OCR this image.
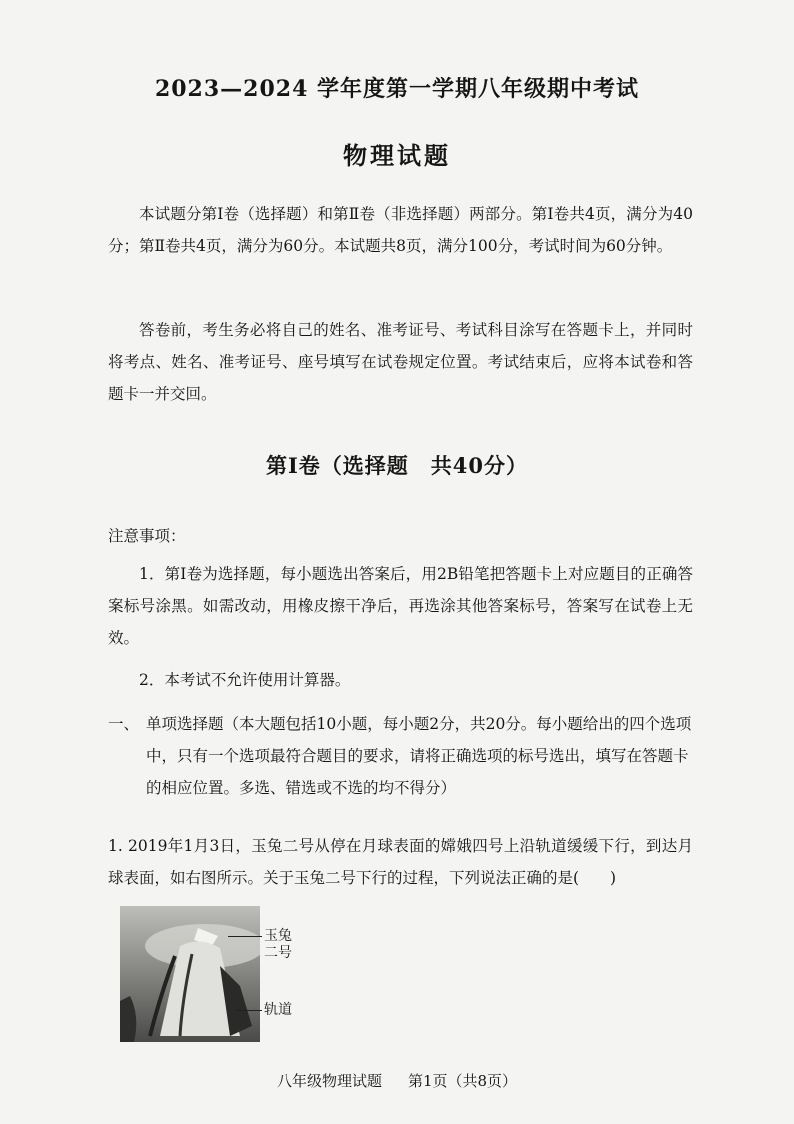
2023—2024 学年度第一学期八年级期中考试
物理试题

本试题分第Ⅰ卷（选择题）和第Ⅱ卷（非选择题）两部分。第Ⅰ卷共4页，满分为40分；第Ⅱ卷共4页，满分为60分。本试题共8页，满分100分，考试时间为60分钟。

答卷前，考生务必将自己的姓名、准考证号、考试科目涂写在答题卡上，并同时将考点、姓名、准考证号、座号填写在试卷规定位置。考试结束后，应将本试卷和答题卡一并交回。

第Ⅰ卷（选择题　共40分）
注意事项：

1．第Ⅰ卷为选择题，每小题选出答案后，用2B铅笔把答题卡上对应题目的正确答案标号涂黑。如需改动，用橡皮擦干净后，再选涂其他答案标号，答案写在试卷上无效。

2．本考试不允许使用计算器。

一、 单项选择题（本大题包括10小题，每小题2分，共20分。每小题给出的四个选项中，只有一个选项最符合题目的要求，请将正确选项的标号选出，填写在答题卡的相应位置。多选、错选或不选的均不得分）

1. 2019年1月3日，玉兔二号从停在月球表面的嫦娥四号上沿轨道缓缓下行，到达月球表面，如右图所示。关于玉兔二号下行的过程，下列说法正确的是(　　)

玉兔
二号
轨道
八年级物理试题 第1页（共8页）
